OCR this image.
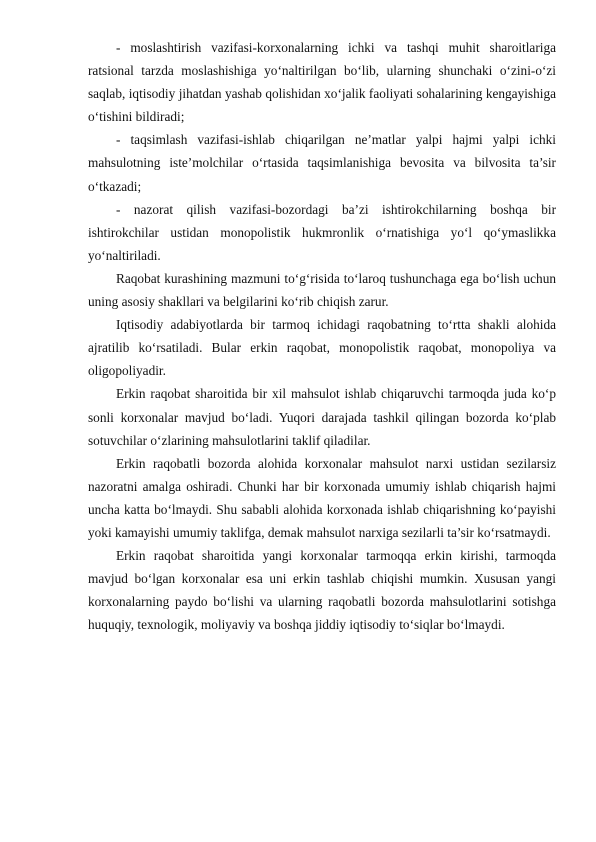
- moslashtirish vazifasi-korxonalarning ichki va tashqi muhit sharoitlariga ratsional tarzda moslashishiga yo‘naltirilgan bo‘lib, ularning shunchaki o‘zini-o‘zi saqlab, iqtisodiy jihatdan yashab qolishidan xo‘jalik faoliyati sohalarining kengayishiga o‘tishini bildiradi;

- taqsimlash vazifasi-ishlab chiqarilgan ne’matlar yalpi hajmi yalpi ichki mahsulotning iste’molchilar o‘rtasida taqsimlanishiga bevosita va bilvosita ta’sir o‘tkazadi;

- nazorat qilish vazifasi-bozordagi ba’zi ishtirokchilarning boshqa bir ishtirokchilar ustidan monopolistik hukmronlik o‘rnatishiga yo‘l qo‘ymaslikka yo‘naltiriladi.

Raqobat kurashining mazmuni to‘g‘risida to‘laroq tushunchaga ega bo‘lish uchun uning asosiy shakllari va belgilarini ko‘rib chiqish zarur.

Iqtisodiy adabiyotlarda bir tarmoq ichidagi raqobatning to‘rtta shakli alohida ajratilib ko‘rsatiladi. Bular erkin raqobat, monopolistik raqobat, monopoliya va oligopoliyadir.

Erkin raqobat sharoitida bir xil mahsulot ishlab chiqaruvchi tarmoqda juda ko‘p sonli korxonalar mavjud bo‘ladi. Yuqori darajada tashkil qilingan bozorda ko‘plab sotuvchilar o‘zlarining mahsulotlarini taklif qiladilar.

Erkin raqobatli bozorda alohida korxonalar mahsulot narxi ustidan sezilarsiz nazoratni amalga oshiradi. Chunki har bir korxonada umumiy ishlab chiqarish hajmi uncha katta bo‘lmaydi. Shu sababli alohida korxonada ishlab chiqarishning ko‘payishi yoki kamayishi umumiy taklifga, demak mahsulot narxiga sezilarli ta’sir ko‘rsatmaydi.

Erkin raqobat sharoitida yangi korxonalar tarmoqqa erkin kirishi, tarmoqda mavjud bo‘lgan korxonalar esa uni erkin tashlab chiqishi mumkin. Xususan yangi korxonalarning paydo bo‘lishi va ularning raqobatli bozorda mahsulotlarini sotishga huquqiy, texnologik, moliyaviy va boshqa jiddiy iqtisodiy to‘siqlar bo‘lmaydi.
